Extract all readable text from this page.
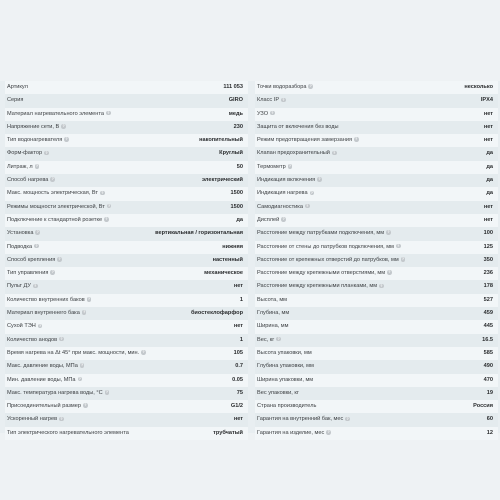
Артикул	111 053
Серия	GIRO
Материал нагревательного элемента ?	медь
Напряжение сети, В ?	230
Тип водонагревателя ?	накопительный
Форм-фактор ?	Круглый
Литраж, л ?	50
Способ нагрева ?	электрический
Макс. мощность электрическая, Вт ?	1500
Режимы мощности электрической, Вт ?	1500
Подключение к стандартной розетке ?	да
Установка ?	вертикальная / горизонтальная
Подводка ?	нижняя
Способ крепления ?	настенный
Тип управления ?	механическое
Пульт ДУ ?	нет
Количество внутренних баков ?	1
Материал внутреннего бака ?	биостеклофарфор
Сухой ТЭН ?	нет
Количество анодов ?	1
Время нагрева на Δt 45° при макс. мощности, мин. ?	105
Макс. давление воды, МПа ?	0.7
Мин. давление воды, МПа ?	0.05
Макс. температура нагрева воды, °С ?	75
Присоединительный размер ?	G1/2
Ускоренный нагрев ?	нет
Тип электрического нагревательного элемента	трубчатый
Точки водоразбора ?	несколько
Класс IP ?	IPX4
УЗО ?	нет
Защита от включения без воды	нет
Режим предотвращения замерзания ?	нет
Клапан предохранительный ?	да
Термометр ?	да
Индикация включения ?	да
Индикация нагрева ?	да
Самодиагностика ?	нет
Дисплей ?	нет
Расстояние между патрубками подключения, мм ?	100
Расстояние от стены до патрубков подключения, мм ?	125
Расстояние от крепежных отверстий до патрубков, мм ?	350
Расстояние между крепежными отверстиями, мм ?	236
Расстояние между крепежными планками, мм ?	178
Высота, мм	527
Глубина, мм	459
Ширина, мм	445
Вес, кг ?	16.5
Высота упаковки, мм	585
Глубина упаковки, мм	490
Ширина упаковки, мм	470
Вес упаковки, кг	19
Страна производитель	Россия
Гарантия на внутренний бак, мес ?	60
Гарантия на изделие, мес ?	12
